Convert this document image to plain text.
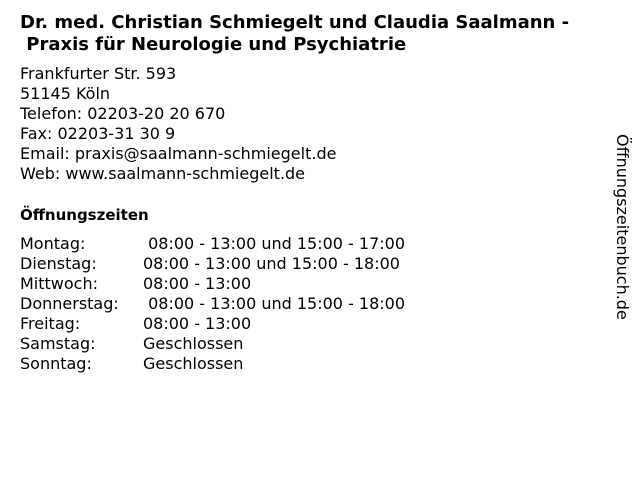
Dr. med. Christian Schmiegelt und Claudia Saalmann -
Praxis für Neurologie und Psychiatrie
Frankfurter Str. 593
51145 Köln
Telefon: 02203-20 20 670
Fax: 02203-31 30 9
Email: praxis@saalmann-schmiegelt.de
Web: www.saalmann-schmiegelt.de
Öffnungszeiten
Montag:	08:00 - 13:00 und 15:00 - 17:00
Dienstag:	08:00 - 13:00 und 15:00 - 18:00
Mittwoch:	08:00 - 13:00
Donnerstag:	08:00 - 13:00 und 15:00 - 18:00
Freitag:	08:00 - 13:00
Samstag:	Geschlossen
Sonntag:	Geschlossen
Öffnungszeitenbuch.de
